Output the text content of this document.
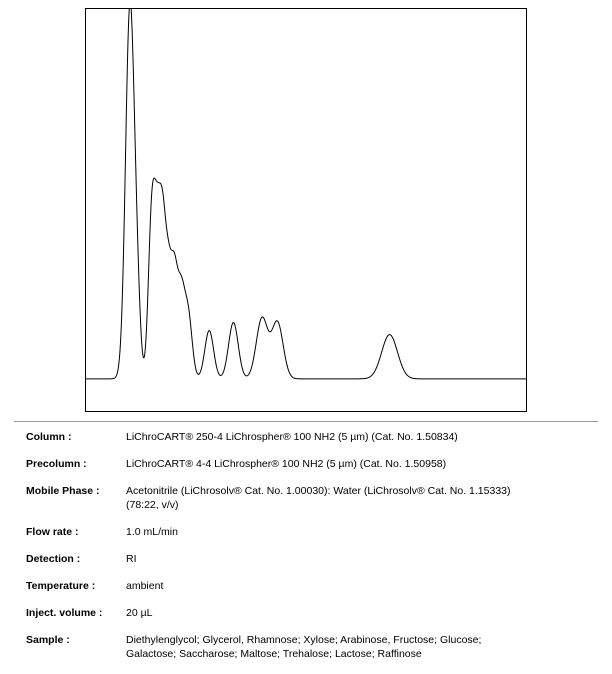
Column :	LiChroCART® 250-4 LiChrospher® 100 NH2 (5 µm) (Cat. No. 1.50834)
Precolumn :	LiChroCART® 4-4 LiChrospher® 100 NH2 (5 µm) (Cat. No. 1.50958)
Mobile Phase :	Acetonitrile (LiChrosolv® Cat. No. 1.00030): Water (LiChrosolv® Cat. No. 1.15333)
(78:22, v/v)
Flow rate :	1.0 mL/min
Detection :	RI
Temperature :	ambient
Inject. volume :	20 µL
Sample :	Diethylenglycol; Glycerol, Rhamnose; Xylose; Arabinose, Fructose; Glucose;
Galactose; Saccharose; Maltose; Trehalose; Lactose; Raffinose
